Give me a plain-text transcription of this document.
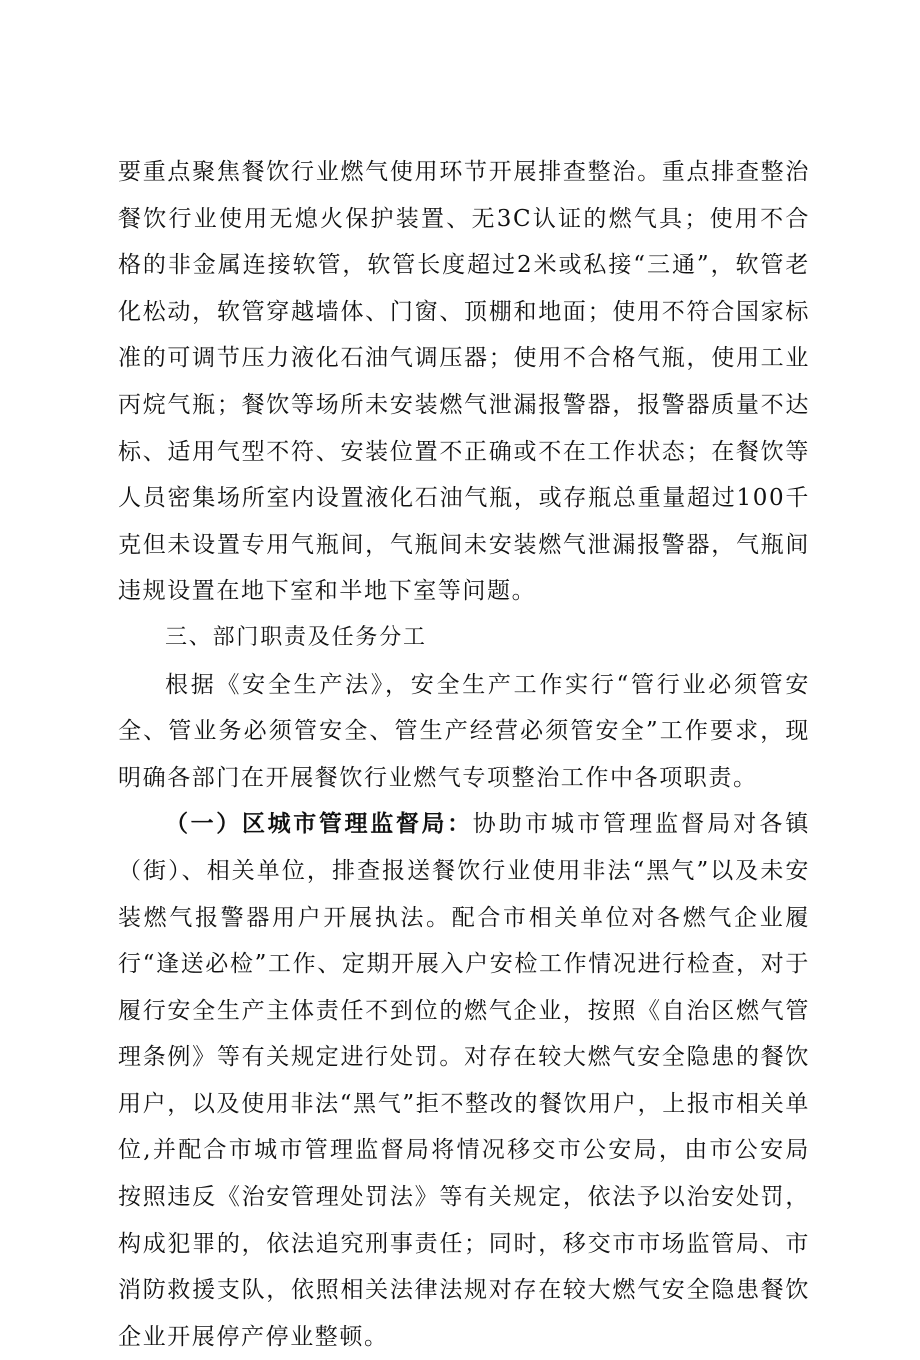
要重点聚焦餐饮行业燃气使用环节开展排查整治。重点排查整治餐饮行业使用无熄火保护装置、无3C认证的燃气具；使用不合格的非金属连接软管，软管长度超过2米或私接“三通”，软管老化松动，软管穿越墙体、门窗、顶棚和地面；使用不符合国家标准的可调节压力液化石油气调压器；使用不合格气瓶，使用工业丙烷气瓶；餐饮等场所未安装燃气泄漏报警器，报警器质量不达标、适用气型不符、安装位置不正确或不在工作状态；在餐饮等人员密集场所室内设置液化石油气瓶，或存瓶总重量超过100千克但未设置专用气瓶间，气瓶间未安装燃气泄漏报警器，气瓶间违规设置在地下室和半地下室等问题。

三、部门职责及任务分工

根据《安全生产法》，安全生产工作实行“管行业必须管安全、管业务必须管安全、管生产经营必须管安全”工作要求，现明确各部门在开展餐饮行业燃气专项整治工作中各项职责。

（一）区城市管理监督局：协助市城市管理监督局对各镇（街）、相关单位，排查报送餐饮行业使用非法“黑气”以及未安装燃气报警器用户开展执法。配合市相关单位对各燃气企业履行“逢送必检”工作、定期开展入户安检工作情况进行检查，对于履行安全生产主体责任不到位的燃气企业，按照《自治区燃气管理条例》等有关规定进行处罚。对存在较大燃气安全隐患的餐饮用户，以及使用非法“黑气”拒不整改的餐饮用户，上报市相关单位,并配合市城市管理监督局将情况移交市公安局，由市公安局按照违反《治安管理处罚法》等有关规定，依法予以治安处罚，构成犯罪的，依法追究刑事责任；同时，移交市市场监管局、市消防救援支队，依照相关法律法规对存在较大燃气安全隐患餐饮企业开展停产停业整顿。
